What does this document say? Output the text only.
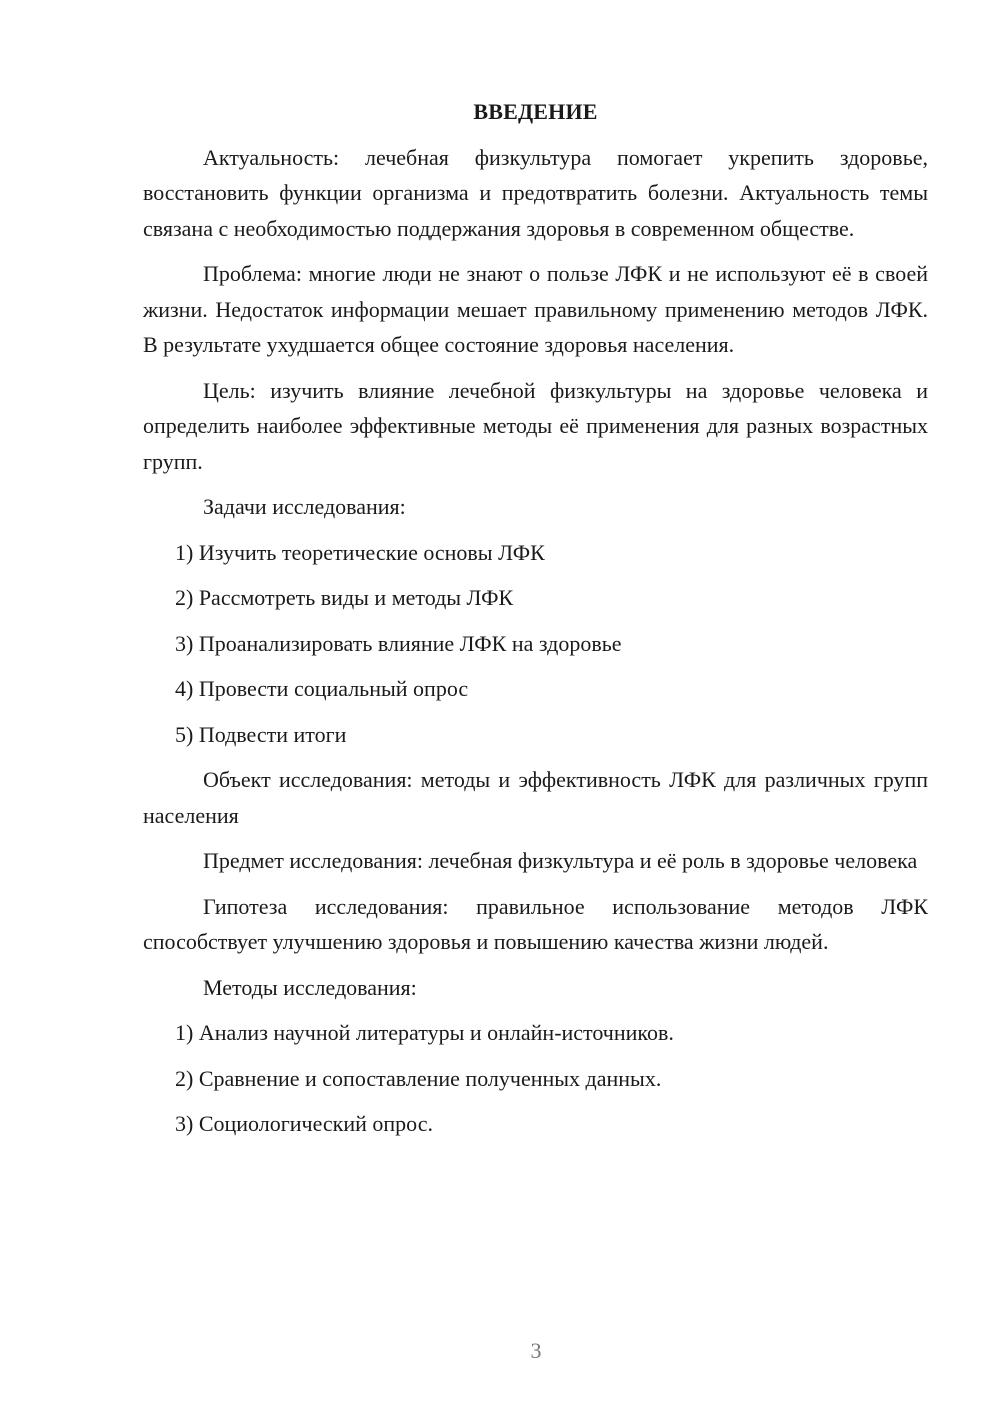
ВВЕДЕНИЕ

Актуальность: лечебная физкультура помогает укрепить здоровье, восстановить функции организма и предотвратить болезни. Актуальность темы связана с необходимостью поддержания здоровья в современном обществе.

Проблема: многие люди не знают о пользе ЛФК и не используют её в своей жизни. Недостаток информации мешает правильному применению методов ЛФК. В результате ухудшается общее состояние здоровья населения.

Цель: изучить влияние лечебной физкультуры на здоровье человека и определить наиболее эффективные методы её применения для разных возрастных групп.

Задачи исследования:

1) Изучить теоретические основы ЛФК

2) Рассмотреть виды и методы ЛФК

3) Проанализировать влияние ЛФК на здоровье

4) Провести социальный опрос

5) Подвести итоги

Объект исследования: методы и эффективность ЛФК для различных групп населения

Предмет исследования: лечебная физкультура и её роль в здоровье человека

Гипотеза исследования: правильное использование методов ЛФК способствует улучшению здоровья и повышению качества жизни людей.

Методы исследования:

1) Анализ научной литературы и онлайн-источников.

2) Сравнение и сопоставление полученных данных.

3) Социологический опрос.

3
